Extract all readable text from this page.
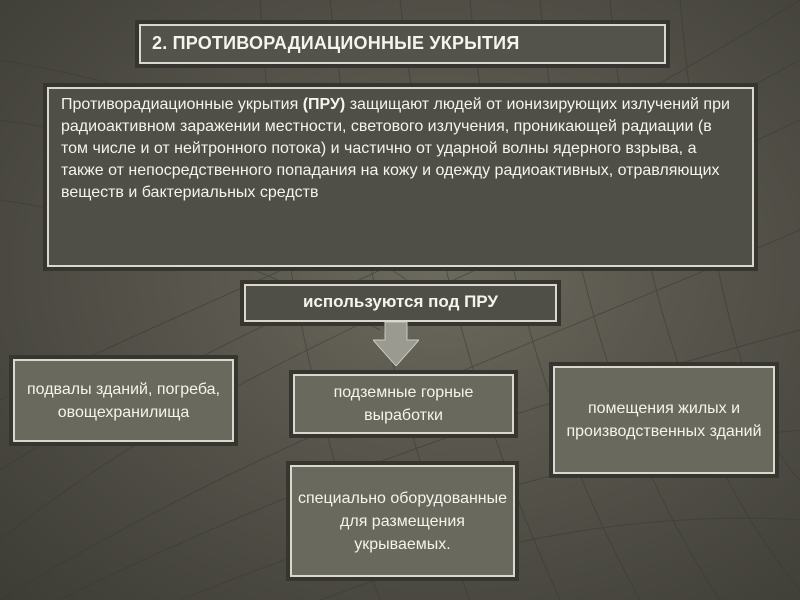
2. ПРОТИВОРАДИАЦИОННЫЕ УКРЫТИЯ
Противорадиационные укрытия (ПРУ) защищают людей от ионизирующих излучений при радиоактивном заражении местности, светового излучения, проникающей радиации (в том числе и от нейтронного потока) и частично от ударной волны ядерного взрыва, а также от непосредственного попадания на кожу и одежду радиоактивных, отравляющих веществ и бактериальных средств
используются под ПРУ
подвалы зданий, погреба, овощехранилища
подземные горные выработки	помещения жилых и производственных зданий
специально оборудованные для размещения укрываемых.
